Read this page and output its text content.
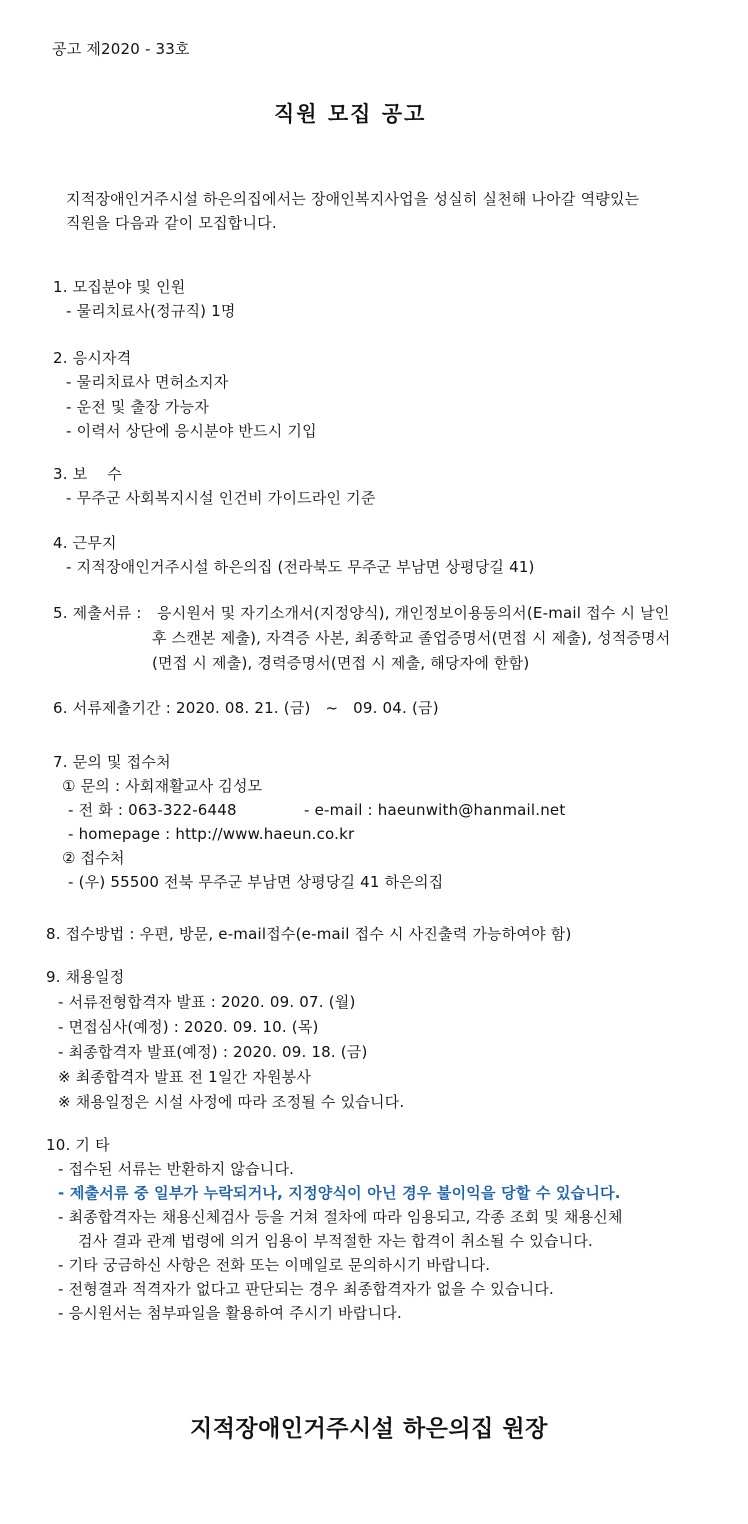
공고 제2020 - 33호
직원 모집 공고
지적장애인거주시설 하은의집에서는 장애인복지사업을 성실히 실천해 나아갈 역량있는
직원을 다음과 같이 모집합니다.
1. 모집분야 및 인원
- 물리치료사(정규직) 1명
2. 응시자격
- 물리치료사 면허소지자
- 운전 및 출장 가능자
- 이력서 상단에 응시분야 반드시 기입
3. 보    수
- 무주군 사회복지시설 인건비 가이드라인 기준
4. 근무지
- 지적장애인거주시설 하은의집 (전라북도 무주군 부남면 상평당길 41)
5. 제출서류 : 응시원서 및 자기소개서(지정양식), 개인정보이용동의서(E-mail 접수 시 날인
후 스캔본 제출), 자격증 사본, 최종학교 졸업증명서(면접 시 제출), 성적증명서
(면접 시 제출), 경력증명서(면접 시 제출, 해당자에 한함)
6. 서류제출기간 : 2020. 08. 21. (금)   ~   09. 04. (금)
7. 문의 및 접수처
① 문의 : 사회재활교사 김성모
- 전 화 : 063-322-6448	- e-mail : haeunwith@hanmail.net
- homepage : http://www.haeun.co.kr
② 접수처
- (우) 55500 전북 무주군 부남면 상평당길 41 하은의집
8. 접수방법 : 우편, 방문, e-mail접수(e-mail 접수 시 사진출력 가능하여야 함)
9. 채용일정
- 서류전형합격자 발표 : 2020. 09. 07. (월)
- 면접심사(예정) : 2020. 09. 10. (목)
- 최종합격자 발표(예정) : 2020. 09. 18. (금)
※ 최종합격자 발표 전 1일간 자원봉사
※ 채용일정은 시설 사정에 따라 조정될 수 있습니다.
10. 기 타
- 접수된 서류는 반환하지 않습니다.
- 제출서류 중 일부가 누락되거나, 지정양식이 아닌 경우 불이익을 당할 수 있습니다.
- 최종합격자는 채용신체검사 등을 거쳐 절차에 따라 임용되고, 각종 조회 및 채용신체
검사 결과 관계 법령에 의거 임용이 부적절한 자는 합격이 취소될 수 있습니다.
- 기타 궁금하신 사항은 전화 또는 이메일로 문의하시기 바랍니다.
- 전형결과 적격자가 없다고 판단되는 경우 최종합격자가 없을 수 있습니다.
- 응시원서는 첨부파일을 활용하여 주시기 바랍니다.
지적장애인거주시설 하은의집 원장
